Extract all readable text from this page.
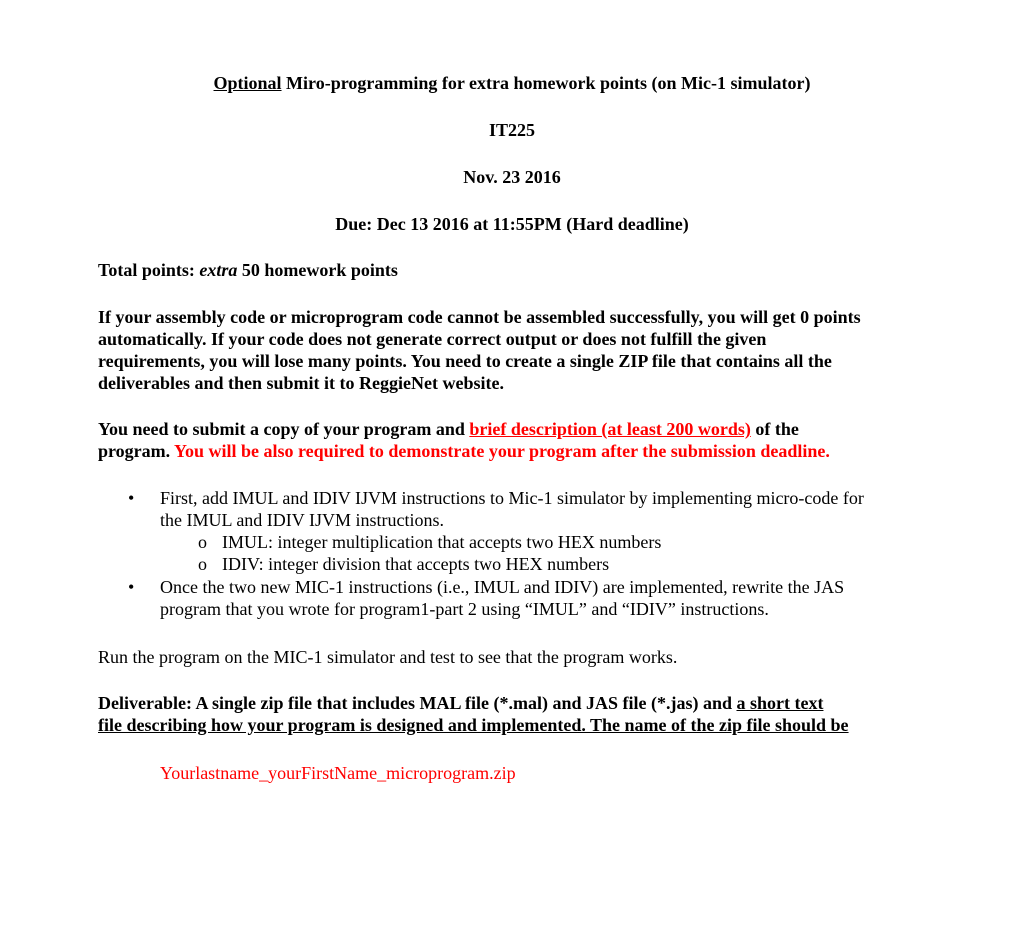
Optional Miro-programming for extra homework points (on Mic-1 simulator)
IT225
Nov. 23 2016
Due: Dec 13 2016 at 11:55PM (Hard deadline)
Total points: extra 50 homework points
If your assembly code or microprogram code cannot be assembled successfully, you will get 0 points
automatically. If your code does not generate correct output or does not fulfill the given
requirements, you will lose many points. You need to create a single ZIP file that contains all the
deliverables and then submit it to ReggieNet website.
You need to submit a copy of your program and brief description (at least 200 words) of the
program. You will be also required to demonstrate your program after the submission deadline.
• First, add IMUL and IDIV IJVM instructions to Mic-1 simulator by implementing micro-code for
the IMUL and IDIV IJVM instructions.
o IMUL: integer multiplication that accepts two HEX numbers
o IDIV: integer division that accepts two HEX numbers
• Once the two new MIC-1 instructions (i.e., IMUL and IDIV) are implemented, rewrite the JAS
program that you wrote for program1-part 2 using “IMUL” and “IDIV” instructions.
Run the program on the MIC-1 simulator and test to see that the program works.
Deliverable: A single zip file that includes MAL file (*.mal) and JAS file (*.jas) and a short text
file describing how your program is designed and implemented. The name of the zip file should be
Yourlastname_yourFirstName_microprogram.zip
